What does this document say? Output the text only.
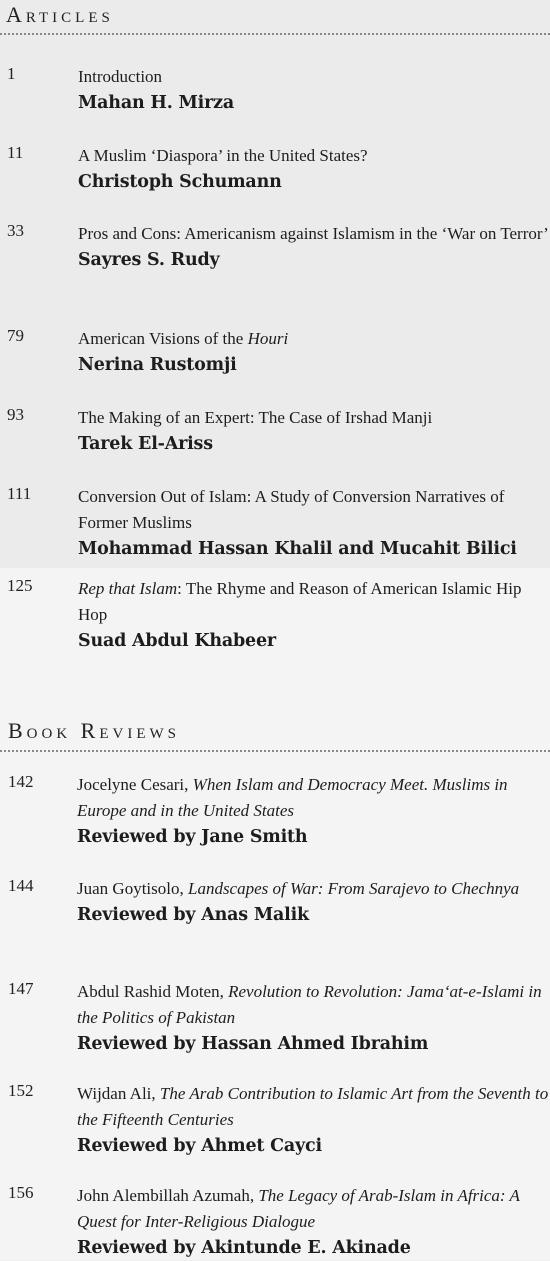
Articles
1	Introduction
Mahan H. Mirza
11	A Muslim ‘Diaspora’ in the United States?
Christoph Schumann
33	Pros and Cons: Americanism against Islamism in the ‘War on Terror’
Sayres S. Rudy
79	American Visions of the Houri
Nerina Rustomji
93	The Making of an Expert: The Case of Irshad Manji
Tarek El-Ariss
111	Conversion Out of Islam: A Study of Conversion Narratives of Former Muslims
Mohammad Hassan Khalil and Mucahit Bilici
125	Rep that Islam: The Rhyme and Reason of American Islamic Hip Hop
Suad Abdul Khabeer
Book Reviews
142	Jocelyne Cesari, When Islam and Democracy Meet. Muslims in Europe and in the United States
Reviewed by Jane Smith
144	Juan Goytisolo, Landscapes of War: From Sarajevo to Chechnya
Reviewed by Anas Malik
147	Abdul Rashid Moten, Revolution to Revolution: Jama‘at-e-Islami in the Politics of Pakistan
Reviewed by Hassan Ahmed Ibrahim
152	Wijdan Ali, The Arab Contribution to Islamic Art from the Seventh to the Fifteenth Centuries
Reviewed by Ahmet Cayci
156	John Alembillah Azumah, The Legacy of Arab-Islam in Africa: A Quest for Inter-Religious Dialogue
Reviewed by Akintunde E. Akinade
